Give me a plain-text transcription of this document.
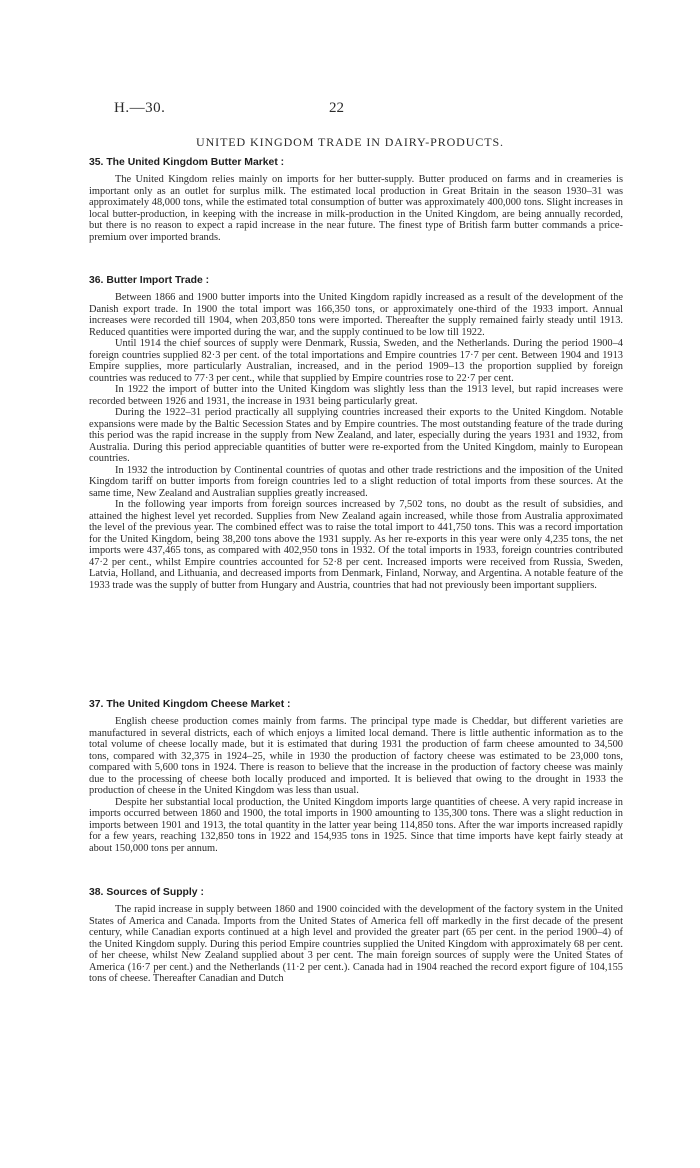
H.—30.	22
UNITED KINGDOM TRADE IN DAIRY-PRODUCTS.

35. The United Kingdom Butter Market :

The United Kingdom relies mainly on imports for her butter-supply. Butter produced on farms and in creameries is important only as an outlet for surplus milk. The estimated local production in Great Britain in the season 1930–31 was approximately 48,000 tons, while the estimated total consumption of butter was approximately 400,000 tons. Slight increases in local butter-production, in keeping with the increase in milk-production in the United Kingdom, are being annually recorded, but there is no reason to expect a rapid increase in the near future. The finest type of British farm butter commands a price-premium over imported brands.

36. Butter Import Trade :

Between 1866 and 1900 butter imports into the United Kingdom rapidly increased as a result of the development of the Danish export trade. In 1900 the total import was 166,350 tons, or approximately one-third of the 1933 import. Annual increases were recorded till 1904, when 203,850 tons were imported. Thereafter the supply remained fairly steady until 1913. Reduced quantities were imported during the war, and the supply continued to be low till 1922.

Until 1914 the chief sources of supply were Denmark, Russia, Sweden, and the Netherlands. During the period 1900–4 foreign countries supplied 82·3 per cent. of the total importations and Empire countries 17·7 per cent. Between 1904 and 1913 Empire supplies, more particularly Australian, increased, and in the period 1909–13 the proportion supplied by foreign countries was reduced to 77·3 per cent., while that supplied by Empire countries rose to 22·7 per cent.

In 1922 the import of butter into the United Kingdom was slightly less than the 1913 level, but rapid increases were recorded between 1926 and 1931, the increase in 1931 being particularly great.

During the 1922–31 period practically all supplying countries increased their exports to the United Kingdom. Notable expansions were made by the Baltic Secession States and by Empire countries. The most outstanding feature of the trade during this period was the rapid increase in the supply from New Zealand, and later, especially during the years 1931 and 1932, from Australia. During this period appreciable quantities of butter were re-exported from the United Kingdom, mainly to European countries.

In 1932 the introduction by Continental countries of quotas and other trade restrictions and the imposition of the United Kingdom tariff on butter imports from foreign countries led to a slight reduction of total imports from these sources. At the same time, New Zealand and Australian supplies greatly increased.

In the following year imports from foreign sources increased by 7,502 tons, no doubt as the result of subsidies, and attained the highest level yet recorded. Supplies from New Zealand again increased, while those from Australia approximated the level of the previous year. The combined effect was to raise the total import to 441,750 tons. This was a record importation for the United Kingdom, being 38,200 tons above the 1931 supply. As her re-exports in this year were only 4,235 tons, the net imports were 437,465 tons, as compared with 402,950 tons in 1932. Of the total imports in 1933, foreign countries contributed 47·2 per cent., whilst Empire countries accounted for 52·8 per cent. Increased imports were received from Russia, Sweden, Latvia, Holland, and Lithuania, and decreased imports from Denmark, Finland, Norway, and Argentina. A notable feature of the 1933 trade was the supply of butter from Hungary and Austria, countries that had not previously been important suppliers.

37. The United Kingdom Cheese Market :

English cheese production comes mainly from farms. The principal type made is Cheddar, but different varieties are manufactured in several districts, each of which enjoys a limited local demand. There is little authentic information as to the total volume of cheese locally made, but it is estimated that during 1931 the production of farm cheese amounted to 34,500 tons, compared with 32,375 in 1924–25, while in 1930 the production of factory cheese was estimated to be 23,000 tons, compared with 5,600 tons in 1924. There is reason to believe that the increase in the production of factory cheese was mainly due to the processing of cheese both locally produced and imported. It is believed that owing to the drought in 1933 the production of cheese in the United Kingdom was less than usual.

Despite her substantial local production, the United Kingdom imports large quantities of cheese. A very rapid increase in imports occurred between 1860 and 1900, the total imports in 1900 amounting to 135,300 tons. There was a slight reduction in imports between 1901 and 1913, the total quantity in the latter year being 114,850 tons. After the war imports increased rapidly for a few years, reaching 132,850 tons in 1922 and 154,935 tons in 1925. Since that time imports have kept fairly steady at about 150,000 tons per annum.

38. Sources of Supply :

The rapid increase in supply between 1860 and 1900 coincided with the development of the factory system in the United States of America and Canada. Imports from the United States of America fell off markedly in the first decade of the present century, while Canadian exports continued at a high level and provided the greater part (65 per cent. in the period 1900–4) of the United Kingdom supply. During this period Empire countries supplied the United Kingdom with approximately 68 per cent. of her cheese, whilst New Zealand supplied about 3 per cent. The main foreign sources of supply were the United States of America (16·7 per cent.) and the Netherlands (11·2 per cent.). Canada had in 1904 reached the record export figure of 104,155 tons of cheese. Thereafter Canadian and Dutch
